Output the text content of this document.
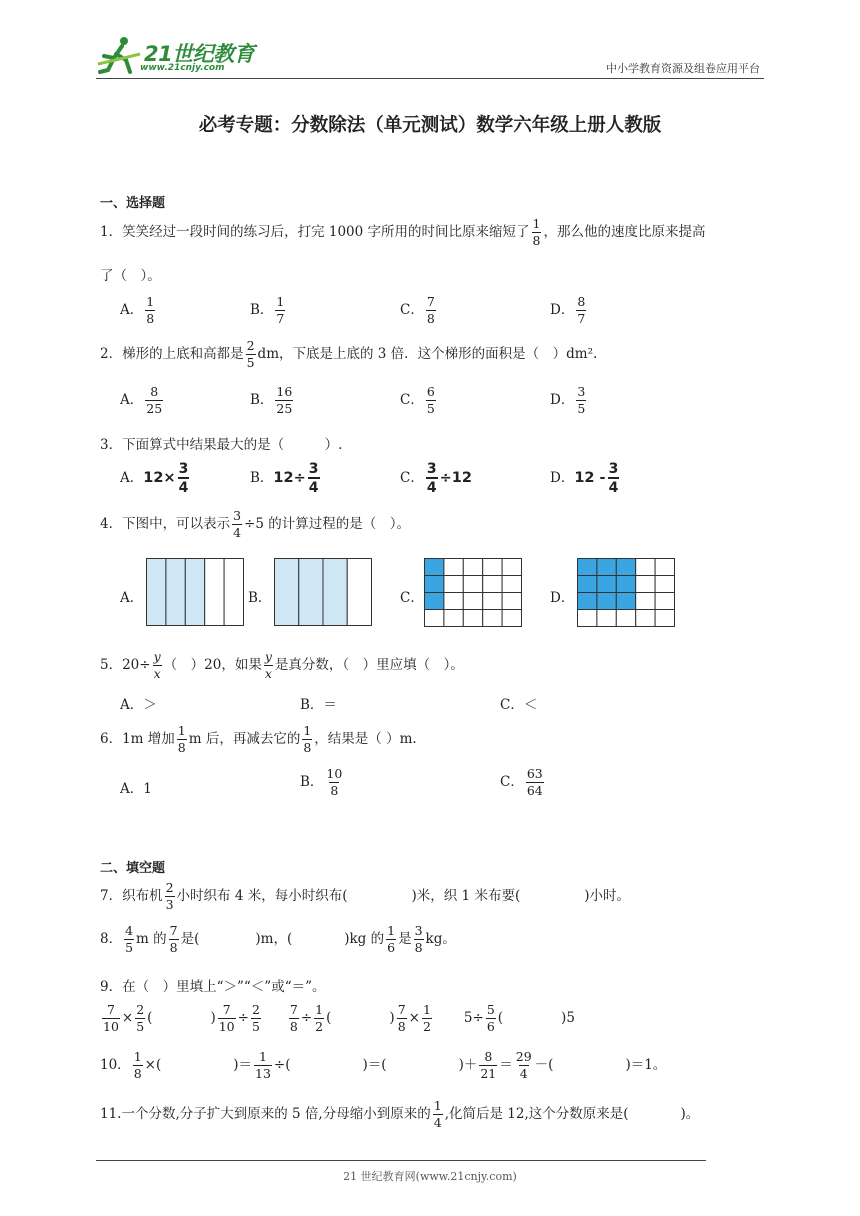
21世纪教育
www.21cnjy.com	中小学教育资源及组卷应用平台
必考专题：分数除法（单元测试）数学六年级上册人教版
一、选择题
1．笑笑经过一段时间的练习后，打完 1000 字所用的时间比原来缩短了 $\frac{1}{8}$ ，那么他的速度比原来提高
了（　）。
A． $\frac{1}{8}$	B． $\frac{1}{7}$	C． $\frac{7}{8}$	D． $\frac{8}{7}$
2．梯形的上底和高都是 $\frac{2}{5}$ dm，下底是上底的 3 倍．这个梯形的面积是（　）dm².
A． $\frac{8}{25}$	B． $\frac{16}{25}$	C． $\frac{6}{5}$	D． $\frac{3}{5}$
3．下面算式中结果最大的是（　　　）.
A．$12\times \frac{3}{4}$	B．$12\div \frac{3}{4}$	C． $\frac{3}{4} \div 12$	D．$12 - \frac{3}{4}$
4．下图中，可以表示 $\frac{3}{4} \div 5$ 的计算过程的是（　）。
A．	B．	C．	D．
5．$20\div \frac{y}{x}$ （　）20，如果 $\frac{y}{x}$ 是真分数，（　）里应填（　）。
A．＞	B．＝	C．＜
6．1m 增加 $\frac{1}{8}$ m 后，再减去它的 $\frac{1}{8}$ ，结果是（ ）m.
A．1	B． $\frac{10}{8}$	C． $\frac{63}{64}$
二、填空题
7．织布机 $\frac{2}{3}$ 小时织布 4 米，每小时织布(	)米，织 1 米布要(	)小时。
8． $\frac{4}{5}$ m 的 $\frac{7}{8}$ 是(	)m，(	)kg 的 $\frac{1}{6}$ 是 $\frac{3}{8}$ kg。
9．在（　）里填上“＞”“＜”或“＝”。
$\frac{7}{10} \times \frac{2}{5}$ (	) $\frac{7}{10} \div \frac{2}{5} \frac{7}{8} \div \frac{1}{2}$ (	) $\frac{7}{8} \times \frac{1}{2} 5\div \frac{5}{6}$ (	)5
10． $\frac{1}{8}$ ×(	)＝ $\frac{1}{13}$ ÷(	)＝(	)＋ $\frac{8}{21} = \frac{29}{4}$ －(	)＝1。
11.一个分数,分子扩大到原来的 5 倍,分母缩小到原来的 $\frac{1}{4}$ ,化简后是 12,这个分数原来是(	)。
21 世纪教育网(www.21cnjy.com)
